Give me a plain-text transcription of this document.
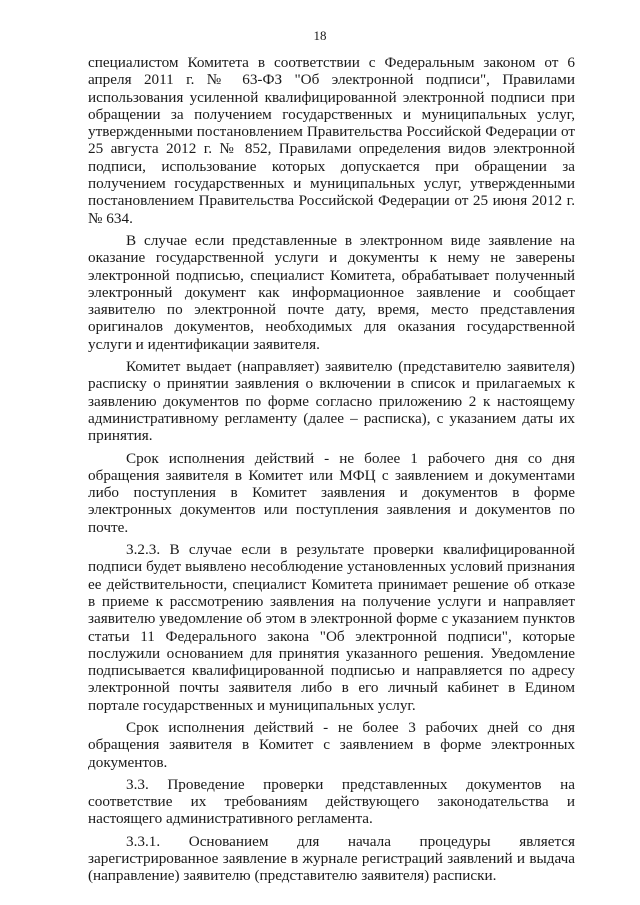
18

специалистом Комитета в соответствии с Федеральным законом от 6 апреля 2011 г. № 63-ФЗ "Об электронной подписи", Правилами использования усиленной квалифицированной электронной подписи при обращении за получением государственных и муниципальных услуг, утвержденными постановлением Правительства Российской Федерации от 25 августа 2012 г. № 852, Правилами определения видов электронной подписи, использование которых допускается при обращении за получением государственных и муниципальных услуг, утвержденными постановлением Правительства Российской Федерации от 25 июня 2012 г. № 634.

В случае если представленные в электронном виде заявление на оказание государственной услуги и документы к нему не заверены электронной подписью, специалист Комитета, обрабатывает полученный электронный документ как информационное заявление и сообщает заявителю по электронной почте дату, время, место представления оригиналов документов, необходимых для оказания государственной услуги и идентификации заявителя.

Комитет выдает (направляет) заявителю (представителю заявителя) расписку о принятии заявления о включении в список и прилагаемых к заявлению документов по форме согласно приложению 2 к настоящему административному регламенту (далее – расписка), с указанием даты их принятия.

Срок исполнения действий - не более 1 рабочего дня со дня обращения заявителя в Комитет или МФЦ с заявлением и документами либо поступления в Комитет заявления и документов в форме электронных документов или поступления заявления и документов по почте.

3.2.3. В случае если в результате проверки квалифицированной подписи будет выявлено несоблюдение установленных условий признания ее действительности, специалист Комитета принимает решение об отказе в приеме к рассмотрению заявления на получение услуги и направляет заявителю уведомление об этом в электронной форме с указанием пунктов статьи 11 Федерального закона "Об электронной подписи", которые послужили основанием для принятия указанного решения. Уведомление подписывается квалифицированной подписью и направляется по адресу электронной почты заявителя либо в его личный кабинет в Едином портале государственных и муниципальных услуг.

Срок исполнения действий - не более 3 рабочих дней со дня обращения заявителя в Комитет с заявлением в форме электронных документов.

3.3. Проведение проверки представленных документов на соответствие их требованиям действующего законодательства и настоящего административного регламента.

3.3.1. Основанием для начала процедуры является зарегистрированное заявление в журнале регистраций заявлений и выдача (направление) заявителю (представителю заявителя) расписки.
